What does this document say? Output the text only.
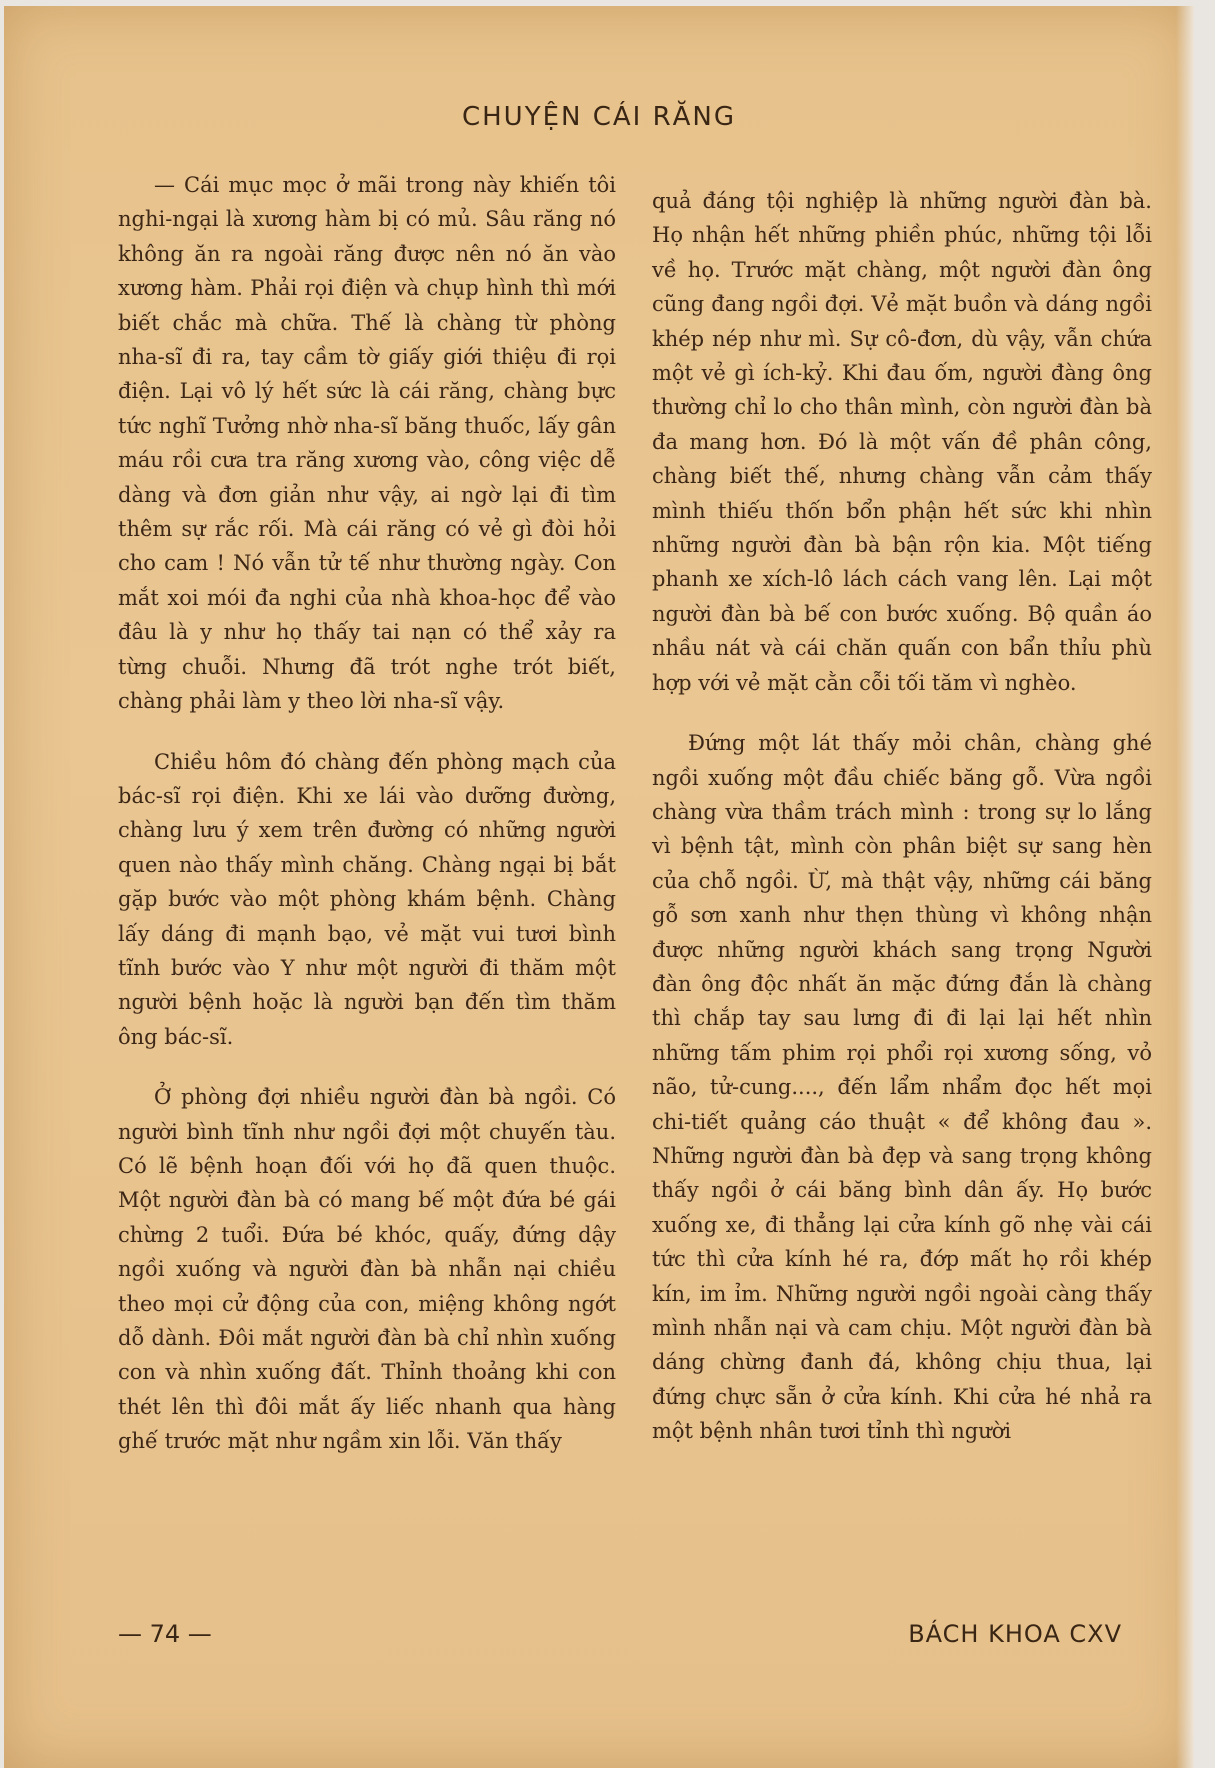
CHUYỆN CÁI RĂNG

— Cái mục mọc ở mãi trong này khiến tôi nghi-ngại là xương hàm bị có mủ. Sâu răng nó không ăn ra ngoài răng được nên nó ăn vào xương hàm. Phải rọi điện và chụp hình thì mới biết chắc mà chữa. Thế là chàng từ phòng nha-sĩ đi ra, tay cầm tờ giấy giới thiệu đi rọi điện. Lại vô lý hết sức là cái răng, chàng bực tức nghĩ Tưởng nhờ nha-sĩ băng thuốc, lấy gân máu rồi cưa tra răng xương vào, công việc dễ dàng và đơn giản như vậy, ai ngờ lại đi tìm thêm sự rắc rối. Mà cái răng có vẻ gì đòi hỏi cho cam ! Nó vẫn tử tế như thường ngày. Con mắt xoi mói đa nghi của nhà khoa-học để vào đâu là y như họ thấy tai nạn có thể xảy ra từng chuỗi. Nhưng đã trót nghe trót biết, chàng phải làm y theo lời nha-sĩ vậy.

Chiều hôm đó chàng đến phòng mạch của bác-sĩ rọi điện. Khi xe lái vào dưỡng đường, chàng lưu ý xem trên đường có những người quen nào thấy mình chăng. Chàng ngại bị bắt gặp bước vào một phòng khám bệnh. Chàng lấy dáng đi mạnh bạo, vẻ mặt vui tươi bình tĩnh bước vào Y như một người đi thăm một người bệnh hoặc là người bạn đến tìm thăm ông bác-sĩ.

Ở phòng đợi nhiều người đàn bà ngồi. Có người bình tĩnh như ngồi đợi một chuyến tàu. Có lẽ bệnh hoạn đối với họ đã quen thuộc. Một người đàn bà có mang bế một đứa bé gái chừng 2 tuổi. Đứa bé khóc, quấy, đứng dậy ngồi xuống và người đàn bà nhẫn nại chiều theo mọi cử động của con, miệng không ngớt dỗ dành. Đôi mắt người đàn bà chỉ nhìn xuống con và nhìn xuống đất. Thỉnh thoảng khi con thét lên thì đôi mắt ấy liếc nhanh qua hàng ghế trước mặt như ngầm xin lỗi. Văn thấy

quả đáng tội nghiệp là những người đàn bà. Họ nhận hết những phiền phúc, những tội lỗi về họ. Trước mặt chàng, một người đàn ông cũng đang ngồi đợi. Vẻ mặt buồn và dáng ngồi khép nép như mì. Sự cô-đơn, dù vậy, vẫn chứa một vẻ gì ích-kỷ. Khi đau ốm, người đàng ông thường chỉ lo cho thân mình, còn người đàn bà đa mang hơn. Đó là một vấn đề phân công, chàng biết thế, nhưng chàng vẫn cảm thấy mình thiếu thốn bổn phận hết sức khi nhìn những người đàn bà bận rộn kia. Một tiếng phanh xe xích-lô lách cách vang lên. Lại một người đàn bà bế con bước xuống. Bộ quần áo nhầu nát và cái chăn quấn con bẩn thỉu phù hợp với vẻ mặt cằn cỗi tối tăm vì nghèo.

Đứng một lát thấy mỏi chân, chàng ghé ngồi xuống một đầu chiếc băng gỗ. Vừa ngồi chàng vừa thầm trách mình : trong sự lo lắng vì bệnh tật, mình còn phân biệt sự sang hèn của chỗ ngồi. Ừ, mà thật vậy, những cái băng gỗ sơn xanh như thẹn thùng vì không nhận được những người khách sang trọng Người đàn ông độc nhất ăn mặc đứng đắn là chàng thì chắp tay sau lưng đi đi lại lại hết nhìn những tấm phim rọi phổi rọi xương sống, vỏ não, tử-cung...., đến lẩm nhẩm đọc hết mọi chi-tiết quảng cáo thuật « để không đau ». Những người đàn bà đẹp và sang trọng không thấy ngồi ở cái băng bình dân ấy. Họ bước xuống xe, đi thẳng lại cửa kính gõ nhẹ vài cái tức thì cửa kính hé ra, đớp mất họ rồi khép kín, im ỉm. Những người ngồi ngoài càng thấy mình nhẫn nại và cam chịu. Một người đàn bà dáng chừng đanh đá, không chịu thua, lại đứng chực sẵn ở cửa kính. Khi cửa hé nhả ra một bệnh nhân tươi tỉnh thì người

— 74 —	BÁCH KHOA CXV
